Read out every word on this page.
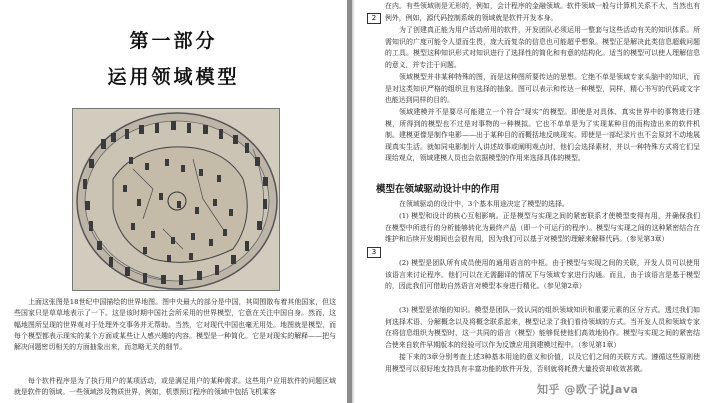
第一部分
运用领域模型

上面这张图是18世纪中国描绘的世界地图。图中央最大的部分是中国，其周围散布着其他国家，但这些国家只是草草地表示了一下。这是该时期中国社会所采用的世界模型，它意在关注中国自身。然而，这幅地图所呈现的世界观对于处理外交事务并无帮助。当然，它对现代中国也毫无用处。地图就是模型，而每个模型都表示现实的某个方面或某些让人感兴趣的内容。模型是一种简化。它是对现实的解释——把与解决问题密切相关的方面抽象出来，而忽略无关的细节。

每个软件程序是为了执行用户的某项活动，或是满足用户的某种需求。这些用户应用软件的问题区域就是软件的领域。一些领域涉及物质世界，例如，机票预订程序的领域中包括飞机乘客

在内。有些领域则是无形的，例如，会计程序的金融领域。软件领域一般与计算机关系不大，当然也有例外，例如，源代码控制系统的领域就是软件开发本身。

2

为了创建真正能为用户活动所用的软件，开发团队必须运用一整套与这些活动有关的知识体系。所需知识的广度可能令人望而生畏，庞大而复杂的信息也可能超乎想象。模型正是解决此类信息超载问题的工具。模型这种知识形式对知识进行了选择性的简化和有意的结构化。适当的模型可以使人理解信息的意义，并专注于问题。

领域模型并非某种特殊的图，而是这种图所要传达的思想。它绝不单是领域专家头脑中的知识，而是对这类知识严格的组织且有选择的抽象。图可以表示和传达一种模型，同样，精心书写的代码或文字也能达到同样的目的。

领域建模并不是要尽可能建立一个符合“现实”的模型。即使是对具体、真实世界中的事物进行建模，所得到的模型也不过是对事物的一种模拟。它也不单单是为了实现某种目的而构造出来的软件机制。建模更像是制作电影——出于某种目的而概括地反映现实。即使是一部纪录片也不会原封不动地展现真实生活。就如同电影制片人讲述故事或阐明观点时，他们会选择素材，并以一种特殊方式将它们呈现给观众，领域建模人员也会依据模型的作用来选择具体的模型。

模型在领域驱动设计中的作用

在领域驱动的设计中，3个基本用途决定了模型的选择。

(1) 模型和设计的核心互相影响。正是模型与实现之间的紧密联系才使模型变得有用，并确保我们在模型中所进行的分析能够转化为最终产品（即一个可运行的程序）。模型与实现之间的这种紧密结合在维护和后续开发期间也会很有用，因为我们可以基于对模型的理解来解释代码。（参见第3章）

3

(2) 模型是团队所有成员使用的通用语言的中枢。由于模型与实现之间的关联，开发人员可以使用该语言来讨论程序。他们可以在无需翻译的情况下与领域专家进行沟通。而且，由于该语言是基于模型的，因此我们可借助自然语言对模型本身进行精化。（参见第2章）

(3) 模型是浓缩的知识。模型是团队一致认同的组织领域知识和重要元素的区分方式。透过我们如何选择术语、分解概念以及将概念联系起来，模型记录了我们看待领域的方式。当开发人员和领域专家在将信息组织为模型时，这一共同的语言（模型）能够促使他们高效地协作。模型与实现之间的紧密结合使来自软件早期版本的经验可以作为反馈应用到建模过程中。（参见第1章）

接下来的3章分别考查上述3种基本用途的意义和价值，以及它们之间的关联方式。遵循这些原则使用模型可以很好地支持具有丰富功能的软件开发，否则就将耗费大量投资却收效甚微。

知乎 @欧子说Java
